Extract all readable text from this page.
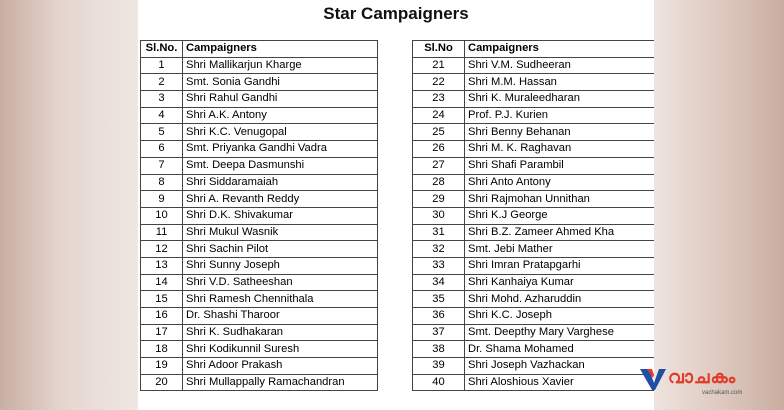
Star Campaigners
Sl.No.	Campaigners
1	Shri Mallikarjun Kharge
2	Smt. Sonia Gandhi
3	Shri Rahul Gandhi
4	Shri A.K. Antony
5	Shri K.C. Venugopal
6	Smt. Priyanka Gandhi Vadra
7	Smt. Deepa Dasmunshi
8	Shri Siddaramaiah
9	Shri A. Revanth Reddy
10	Shri D.K. Shivakumar
11	Shri Mukul Wasnik
12	Shri Sachin Pilot
13	Shri Sunny Joseph
14	Shri V.D. Satheeshan
15	Shri Ramesh Chennithala
16	Dr. Shashi Tharoor
17	Shri K. Sudhakaran
18	Shri Kodikunnil Suresh
19	Shri Adoor Prakash
20	Shri Mullappally Ramachandran
Sl.No	Campaigners
21	Shri V.M. Sudheeran
22	Shri M.M. Hassan
23	Shri K. Muraleedharan
24	Prof. P.J. Kurien
25	Shri Benny Behanan
26	Shri M. K. Raghavan
27	Shri Shafi Parambil
28	Shri Anto Antony
29	Shri Rajmohan Unnithan
30	Shri K.J George
31	Shri B.Z. Zameer Ahmed Kha
32	Smt. Jebi Mather
33	Shri Imran Pratapgarhi
34	Shri Kanhaiya Kumar
35	Shri Mohd. Azharuddin
36	Shri K.C. Joseph
37	Smt. Deepthy Mary Varghese
38	Dr. Shama Mohamed
39	Shri Joseph Vazhackan
40	Shri Aloshious Xavier	വാചകം
vachakam.com
